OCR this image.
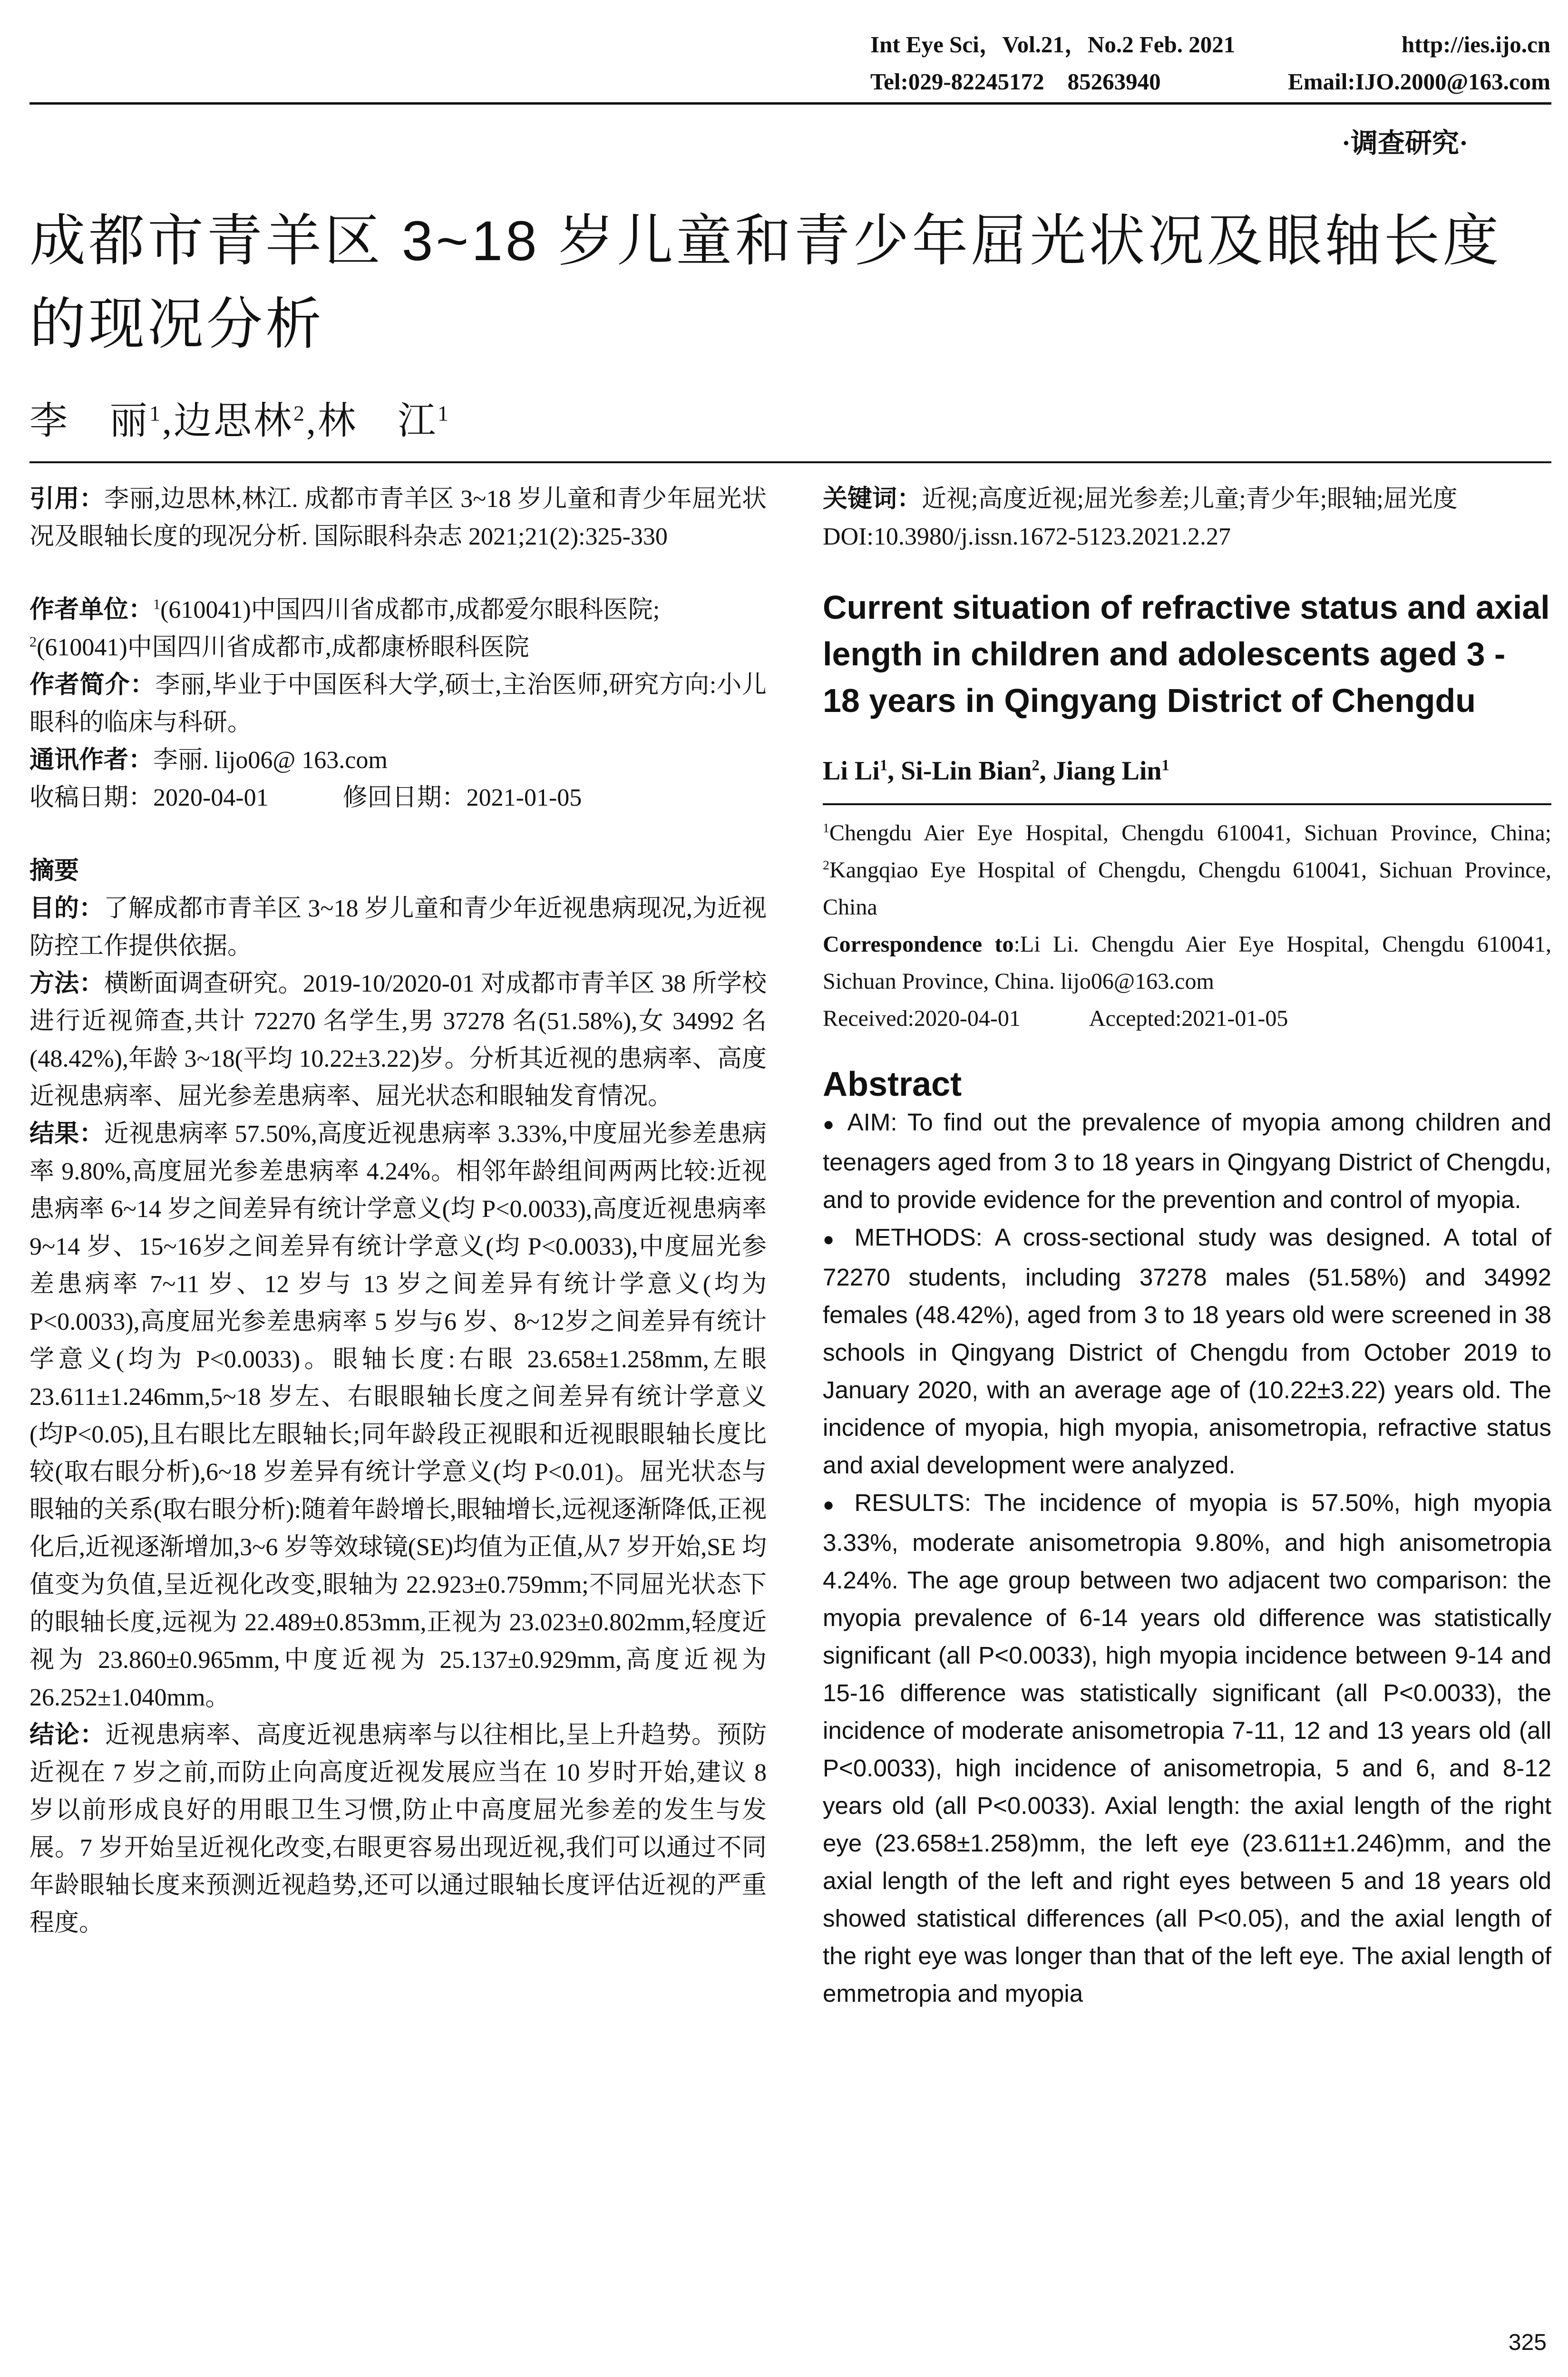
Int Eye Sci，Vol.21，No.2 Feb. 2021	http://ies.ijo.cn
Tel:029-82245172　85263940	Email:IJO.2000@163.com
·调查研究·
成都市青羊区 3~18 岁儿童和青少年屈光状况及眼轴长度的现况分析
李　丽$^1$,边思林$^2$,林　江$^1$

引用：李丽,边思林,林江. 成都市青羊区 3~18 岁儿童和青少年屈光状况及眼轴长度的现况分析. 国际眼科杂志 2021;21(2):325-330

作者单位：$^1$(610041)中国四川省成都市,成都爱尔眼科医院;
$^2$(610041)中国四川省成都市,成都康桥眼科医院

作者简介：李丽,毕业于中国医科大学,硕士,主治医师,研究方向:小儿眼科的临床与科研。

通讯作者：李丽. lijo06@ 163.com

收稿日期：2020-04-01　　　修回日期：2021-01-05

摘要

目的：了解成都市青羊区 3~18 岁儿童和青少年近视患病现况,为近视防控工作提供依据。

方法：横断面调查研究。2019-10/2020-01 对成都市青羊区 38 所学校进行近视筛查,共计 72270 名学生,男 37278 名(51.58%),女 34992 名(48.42%),年龄 3~18(平均 10.22±3.22)岁。分析其近视的患病率、高度近视患病率、屈光参差患病率、屈光状态和眼轴发育情况。

结果：近视患病率 57.50%,高度近视患病率 3.33%,中度屈光参差患病率 9.80%,高度屈光参差患病率 4.24%。相邻年龄组间两两比较:近视患病率 6~14 岁之间差异有统计学意义(均 P<0.0033),高度近视患病率 9~14 岁、15~16岁之间差异有统计学意义(均 P<0.0033),中度屈光参差患病率 7~11 岁、12 岁与 13 岁之间差异有统计学意义(均为 P<0.0033),高度屈光参差患病率 5 岁与6 岁、8~12岁之间差异有统计学意义(均为 P<0.0033)。眼轴长度:右眼 23.658±1.258mm,左眼 23.611±1.246mm,5~18 岁左、右眼眼轴长度之间差异有统计学意义(均P<0.05),且右眼比左眼轴长;同年龄段正视眼和近视眼眼轴长度比较(取右眼分析),6~18 岁差异有统计学意义(均 P<0.01)。屈光状态与眼轴的关系(取右眼分析):随着年龄增长,眼轴增长,远视逐渐降低,正视化后,近视逐渐增加,3~6 岁等效球镜(SE)均值为正值,从7 岁开始,SE 均值变为负值,呈近视化改变,眼轴为 22.923±0.759mm;不同屈光状态下的眼轴长度,远视为 22.489±0.853mm,正视为 23.023±0.802mm,轻度近视为 23.860±0.965mm,中度近视为 25.137±0.929mm,高度近视为26.252±1.040mm。

结论：近视患病率、高度近视患病率与以往相比,呈上升趋势。预防近视在 7 岁之前,而防止向高度近视发展应当在 10 岁时开始,建议 8 岁以前形成良好的用眼卫生习惯,防止中高度屈光参差的发生与发展。7 岁开始呈近视化改变,右眼更容易出现近视,我们可以通过不同年龄眼轴长度来预测近视趋势,还可以通过眼轴长度评估近视的严重程度。

关键词：近视;高度近视;屈光参差;儿童;青少年;眼轴;屈光度

DOI:10.3980/j.issn.1672-5123.2021.2.27

Current situation of refractive status and axial length in children and adolescents aged 3 - 18 years in Qingyang District of Chengdu
Li Li$^1$, Si-Lin Bian$^2$, Jiang Lin$^1$

$^1$Chengdu Aier Eye Hospital, Chengdu 610041, Sichuan Province, China; $^2$Kangqiao Eye Hospital of Chengdu, Chengdu 610041, Sichuan Province, China

Correspondence to:Li Li. Chengdu Aier Eye Hospital, Chengdu 610041, Sichuan Province, China. lijo06@163.com

Received:2020-04-01　　　Accepted:2021-01-05

Abstract

● AIM: To find out the prevalence of myopia among children and teenagers aged from 3 to 18 years in Qingyang District of Chengdu, and to provide evidence for the prevention and control of myopia.

● METHODS: A cross-sectional study was designed. A total of 72270 students, including 37278 males (51.58%) and 34992 females (48.42%), aged from 3 to 18 years old were screened in 38 schools in Qingyang District of Chengdu from October 2019 to January 2020, with an average age of (10.22±3.22) years old. The incidence of myopia, high myopia, anisometropia, refractive status and axial development were analyzed.

● RESULTS: The incidence of myopia is 57.50%, high myopia 3.33%, moderate anisometropia 9.80%, and high anisometropia 4.24%. The age group between two adjacent two comparison: the myopia prevalence of 6-14 years old difference was statistically significant (all P<0.0033), high myopia incidence between 9-14 and 15-16 difference was statistically significant (all P<0.0033), the incidence of moderate anisometropia 7-11, 12 and 13 years old (all P<0.0033), high incidence of anisometropia, 5 and 6, and 8-12 years old (all P<0.0033). Axial length: the axial length of the right eye (23.658±1.258)mm, the left eye (23.611±1.246)mm, and the axial length of the left and right eyes between 5 and 18 years old showed statistical differences (all P<0.05), and the axial length of the right eye was longer than that of the left eye. The axial length of emmetropia and myopia

325
